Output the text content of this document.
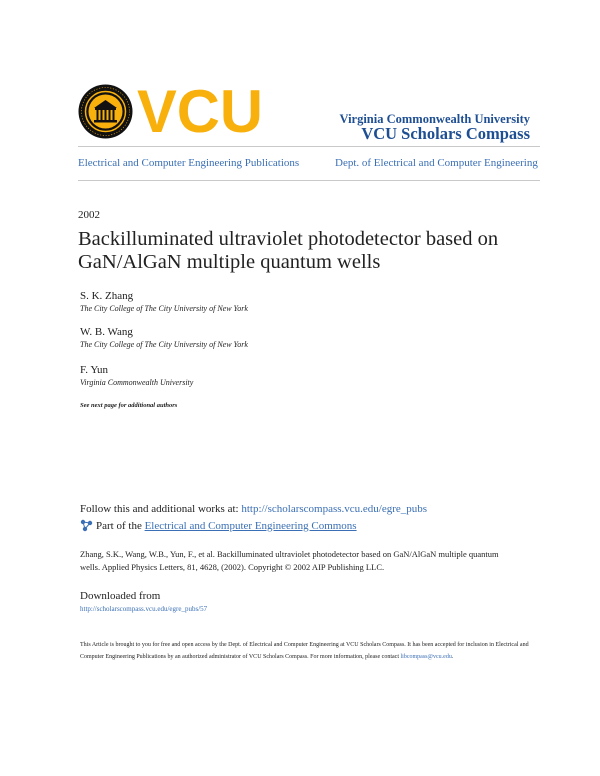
VCU	Virginia Commonwealth University
VCU Scholars Compass
Electrical and Computer Engineering Publications	Dept. of Electrical and Computer Engineering
2002
Backilluminated ultraviolet photodetector based on GaN/AlGaN multiple quantum wells
S. K. Zhang
The City College of The City University of New York
W. B. Wang
The City College of The City University of New York
F. Yun
Virginia Commonwealth University
See next page for additional authors
Follow this and additional works at: http://scholarscompass.vcu.edu/egre_pubs
Part of the Electrical and Computer Engineering Commons
Zhang, S.K., Wang, W.B., Yun, F., et al. Backilluminated ultraviolet photodetector based on GaN/AlGaN multiple quantum wells. Applied Physics Letters, 81, 4628, (2002). Copyright © 2002 AIP Publishing LLC.
Downloaded from
http://scholarscompass.vcu.edu/egre_pubs/57
This Article is brought to you for free and open access by the Dept. of Electrical and Computer Engineering at VCU Scholars Compass. It has been accepted for inclusion in Electrical and Computer Engineering Publications by an authorized administrator of VCU Scholars Compass. For more information, please contact libcompass@vcu.edu.
